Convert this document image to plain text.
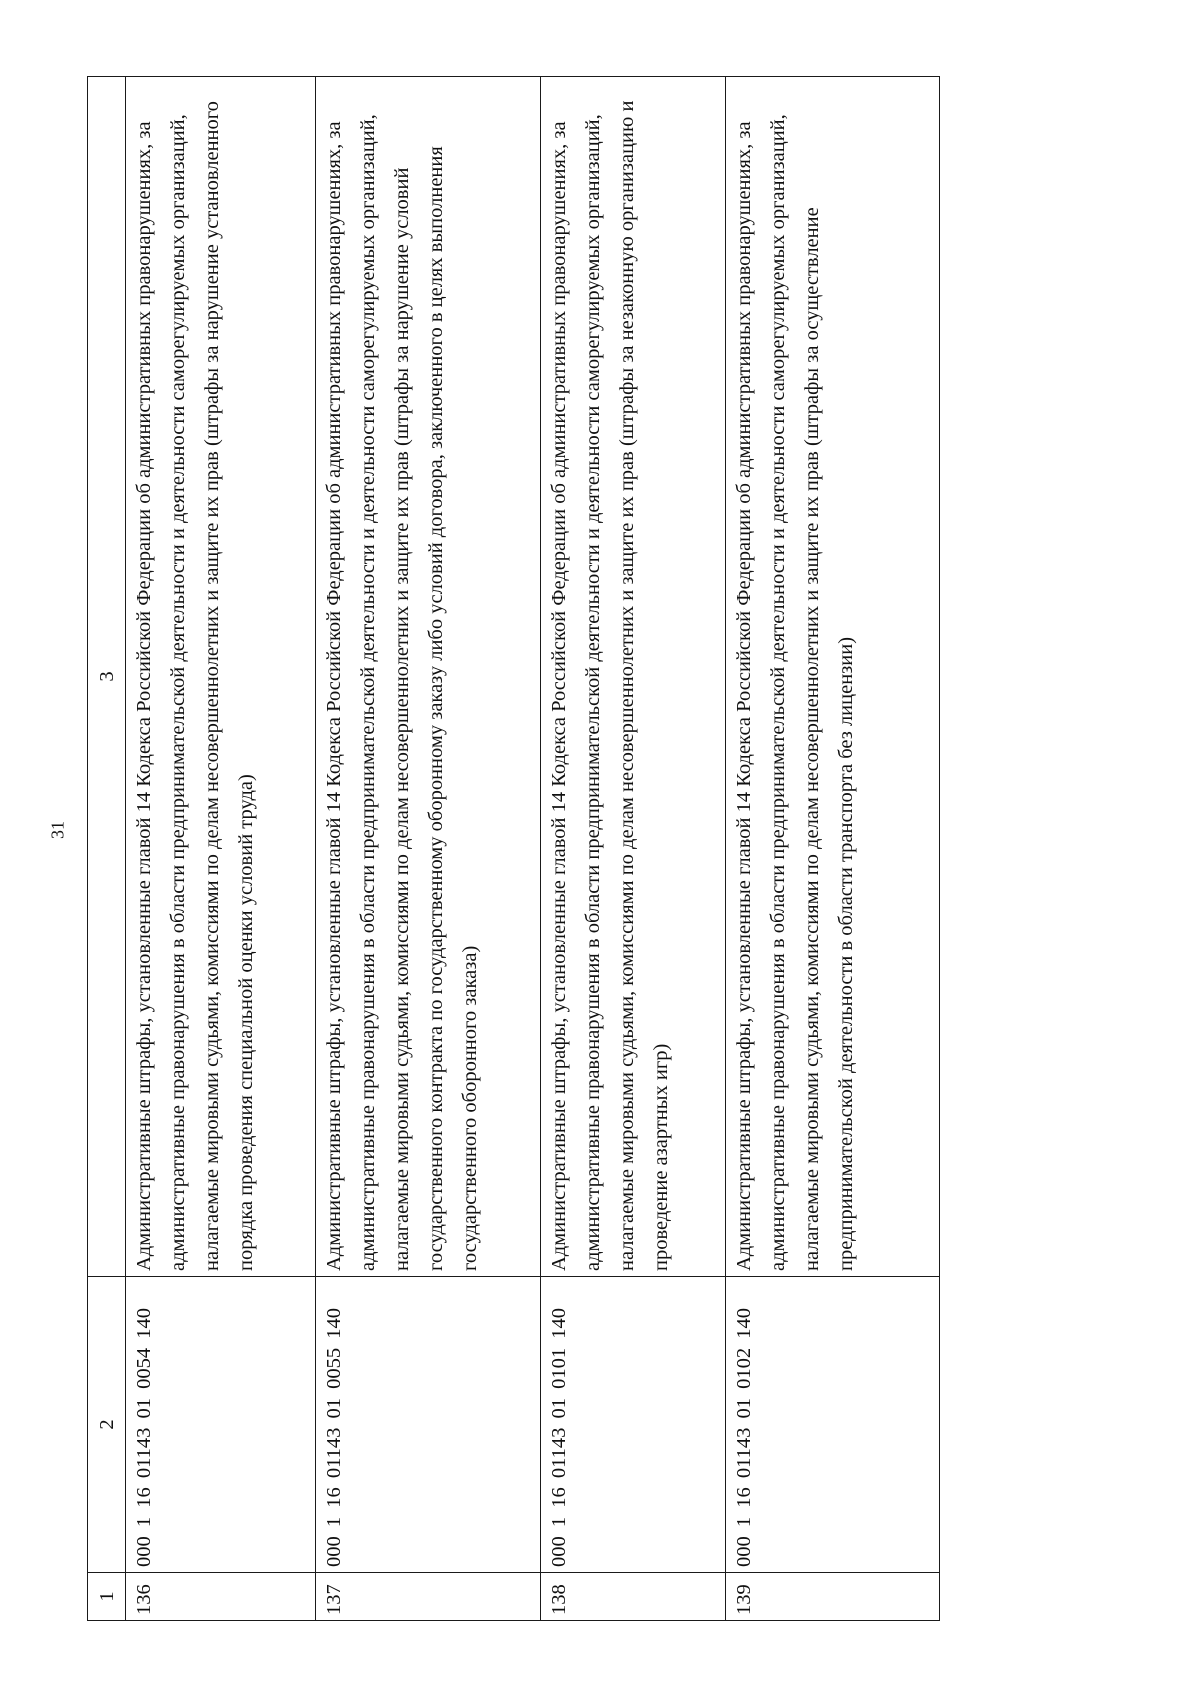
31
1	2	3
136	000 1 16 01143 01 0054 140	Административные штрафы, установленные главой 14 Кодекса Российской Федерации об административных правонарушениях, за административные правонарушения в области предпринимательской деятельности и деятельности саморегулируемых организаций, налагаемые мировыми судьями, комиссиями по делам несовершеннолетних и защите их прав (штрафы за нарушение установленного порядка проведения специальной оценки условий труда)
137	000 1 16 01143 01 0055 140	Административные штрафы, установленные главой 14 Кодекса Российской Федерации об административных правонарушениях, за административные правонарушения в области предпринимательской деятельности и деятельности саморегулируемых организаций, налагаемые мировыми судьями, комиссиями по делам несовершеннолетних и защите их прав (штрафы за нарушение условий государственного контракта по государственному оборонному заказу либо условий договора, заключенного в целях выполнения государственного оборонного заказа)
138	000 1 16 01143 01 0101 140	Административные штрафы, установленные главой 14 Кодекса Российской Федерации об административных правонарушениях, за административные правонарушения в области предпринимательской деятельности и деятельности саморегулируемых организаций, налагаемые мировыми судьями, комиссиями по делам несовершеннолетних и защите их прав (штрафы за незаконную организацию и проведение азартных игр)
139	000 1 16 01143 01 0102 140	Административные штрафы, установленные главой 14 Кодекса Российской Федерации об административных правонарушениях, за административные правонарушения в области предпринимательской деятельности и деятельности саморегулируемых организаций, налагаемые мировыми судьями, комиссиями по делам несовершеннолетних и защите их прав (штрафы за осуществление предпринимательской деятельности в области транспорта без лицензии)
